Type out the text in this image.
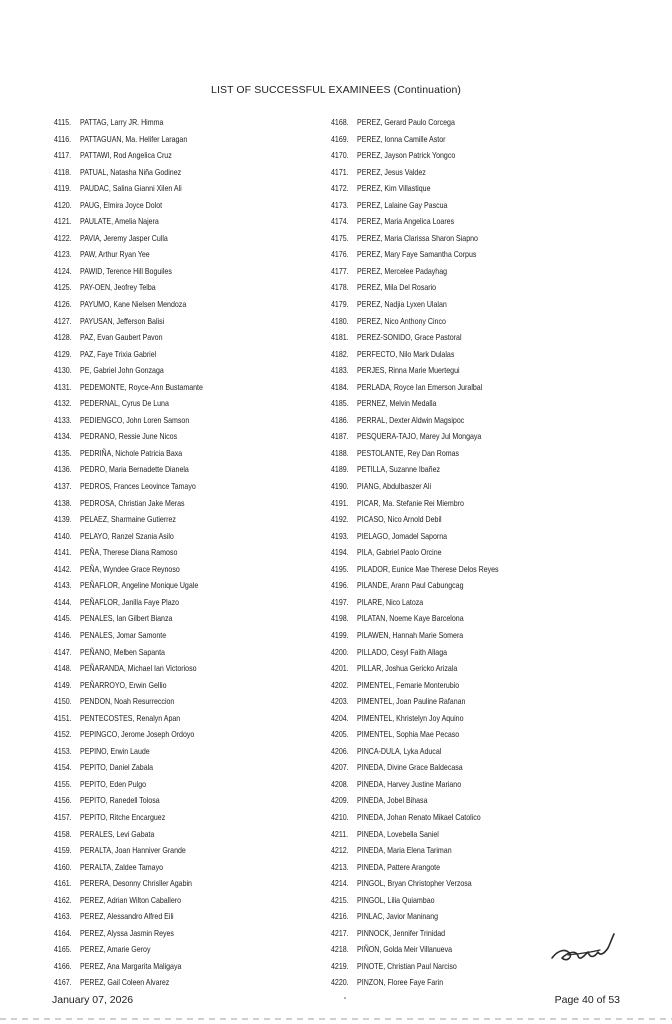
LIST OF SUCCESSFUL EXAMINEES (Continuation)
4115. PATTAG, Larry JR. Himma
4116. PATTAGUAN, Ma. Helifer Laragan
4117. PATTAWI, Rod Angelica Cruz
4118. PATUAL, Natasha Niña Godinez
4119. PAUDAC, Salina Gianni Xilen Ali
4120. PAUG, Elmira Joyce Dolot
4121. PAULATE, Amelia Najera
4122. PAVIA, Jeremy Jasper Culla
4123. PAW, Arthur Ryan Yee
4124. PAWID, Terence Hill Boguiles
4125. PAY-OEN, Jeofrey Telba
4126. PAYUMO, Kane Nielsen Mendoza
4127. PAYUSAN, Jefferson Balisi
4128. PAZ, Evan Gaubert Pavon
4129. PAZ, Faye Trixia Gabriel
4130. PE, Gabriel John Gonzaga
4131. PEDEMONTE, Royce-Ann Bustamante
4132. PEDERNAL, Cyrus De Luna
4133. PEDIENGCO, John Loren Samson
4134. PEDRANO, Ressie June Nicos
4135. PEDRIÑA, Nichole Patricia Baxa
4136. PEDRO, Maria Bernadette Dianela
4137. PEDROS, Frances Leovince Tamayo
4138. PEDROSA, Christian Jake Meras
4139. PELAEZ, Sharmaine Gutierrez
4140. PELAYO, Ranzel Szania Asilo
4141. PEÑA, Therese Diana Ramoso
4142. PEÑA, Wyndee Grace Reynoso
4143. PEÑAFLOR, Angeline Monique Ugale
4144. PEÑAFLOR, Janilla Faye Plazo
4145. PENALES, Ian Gilbert Bianza
4146. PENALES, Jomar Samonte
4147. PEÑANO, Melben Sapanta
4148. PEÑARANDA, Michael Ian Victorioso
4149. PEÑARROYO, Erwin Gellio
4150. PENDON, Noah Resurreccion
4151. PENTECOSTES, Renalyn Apan
4152. PEPINGCO, Jerome Joseph Ordoyo
4153. PEPINO, Erwin Laude
4154. PEPITO, Daniel Zabala
4155. PEPITO, Eden Pulgo
4156. PEPITO, Ranedell Tolosa
4157. PEPITO, Ritche Encarguez
4158. PERALES, Levi Gabata
4159. PERALTA, Joan Hanniver Grande
4160. PERALTA, Zaldee Tamayo
4161. PERERA, Desonny Chrisller Agabin
4162. PEREZ, Adrian Wilton Caballero
4163. PEREZ, Alessandro Alfred Eili
4164. PEREZ, Alyssa Jasmin Reyes
4165. PEREZ, Amarie Geroy
4166. PEREZ, Ana Margarita Maligaya
4167. PEREZ, Gail Coleen Alvarez
4168. PEREZ, Gerard Paulo Corcega
4169. PEREZ, Ionna Camille Astor
4170. PEREZ, Jayson Patrick Yongco
4171. PEREZ, Jesus Valdez
4172. PEREZ, Kim Villastique
4173. PEREZ, Lalaine Gay Pascua
4174. PEREZ, Maria Angelica Loares
4175. PEREZ, Maria Clarissa Sharon Siapno
4176. PEREZ, Mary Faye Samantha Corpus
4177. PEREZ, Mercelee Padayhag
4178. PEREZ, Mila Del Rosario
4179. PEREZ, Nadjia Lyxen Ulalan
4180. PEREZ, Nico Anthony Cinco
4181. PEREZ-SONIDO, Grace Pastoral
4182. PERFECTO, Nilo Mark Dulalas
4183. PERJES, Rinna Marie Muertegui
4184. PERLADA, Royce Ian Emerson Juralbal
4185. PERNEZ, Melvin Medalla
4186. PERRAL, Dexter Aldwin Magsipoc
4187. PESQUERA-TAJO, Marey Jul Mongaya
4188. PESTOLANTE, Rey Dan Romas
4189. PETILLA, Suzanne Ibañez
4190. PIANG, Abdulbaszer Ali
4191. PICAR, Ma. Stefanie Rei Miembro
4192. PICASO, Nico Arnold Debil
4193. PIELAGO, Jomadel Saporna
4194. PILA, Gabriel Paolo Orcine
4195. PILADOR, Eunice Mae Therese Delos Reyes
4196. PILANDE, Arann Paul Cabungcag
4197. PILARE, Nico Latoza
4198. PILATAN, Noeme Kaye Barcelona
4199. PILAWEN, Hannah Marie Somera
4200. PILLADO, Cesyl Faith Allaga
4201. PILLAR, Joshua Gericko Arizala
4202. PIMENTEL, Femarie Monterubio
4203. PIMENTEL, Joan Pauline Rafanan
4204. PIMENTEL, Khristelyn Joy Aquino
4205. PIMENTEL, Sophia Mae Pecaso
4206. PINCA-DULA, Lyka Aducal
4207. PINEDA, Divine Grace Baldecasa
4208. PINEDA, Harvey Justine Mariano
4209. PINEDA, Jobel Bihasa
4210. PINEDA, Johan Renato Mikael Catolico
4211. PINEDA, Lovebella Saniel
4212. PINEDA, Maria Elena Tariman
4213. PINEDA, Pattere Arangote
4214. PINGOL, Bryan Christopher Verzosa
4215. PINGOL, Lilia Quiambao
4216. PINLAC, Javior Maninang
4217. PINNOCK, Jennifer Trinidad
4218. PIÑON, Golda Meir Villanueva
4219. PINOTE, Christian Paul Narciso
4220. PINZON, Floree Faye Farin
January 07, 2026	Page 40 of 53
